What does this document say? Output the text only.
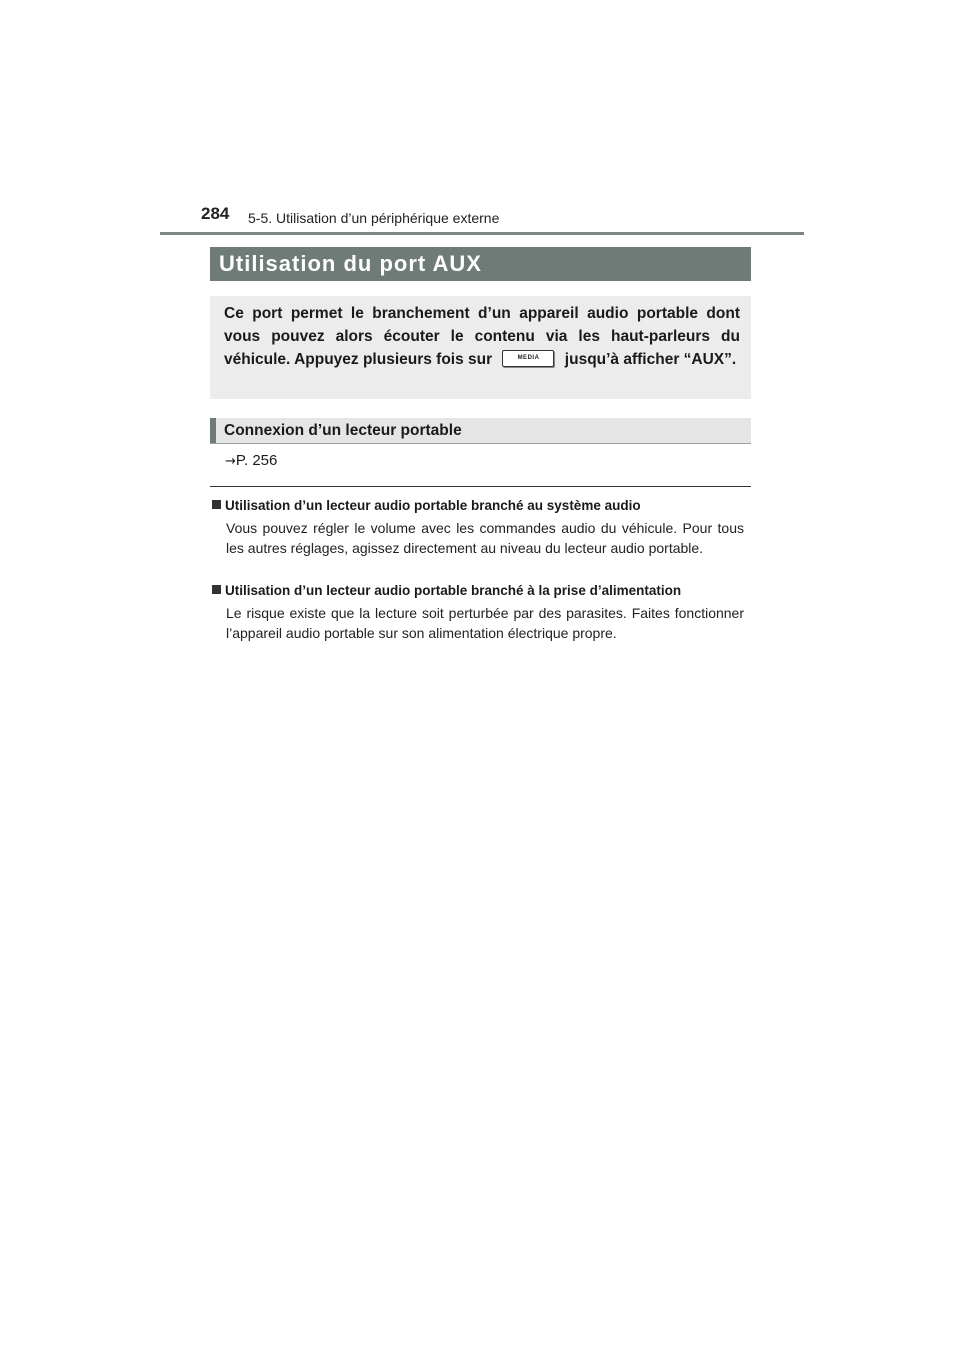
284 5-5. Utilisation d’un périphérique externe
Utilisation du port AUX
Ce port permet le branchement d’un appareil audio portable dont vous pouvez alors écouter le contenu via les haut-parleurs du véhicule. Appuyez plusieurs fois sur	MEDIA jusqu’à afficher “AUX”.
Connexion d’un lecteur portable
→P. 256
Utilisation d’un lecteur audio portable branché au système audio
Vous pouvez régler le volume avec les commandes audio du véhicule. Pour tous les autres réglages, agissez directement au niveau du lecteur audio portable.
Utilisation d’un lecteur audio portable branché à la prise d’alimentation
Le risque existe que la lecture soit perturbée par des parasites. Faites fonctionner l’appareil audio portable sur son alimentation électrique propre.
